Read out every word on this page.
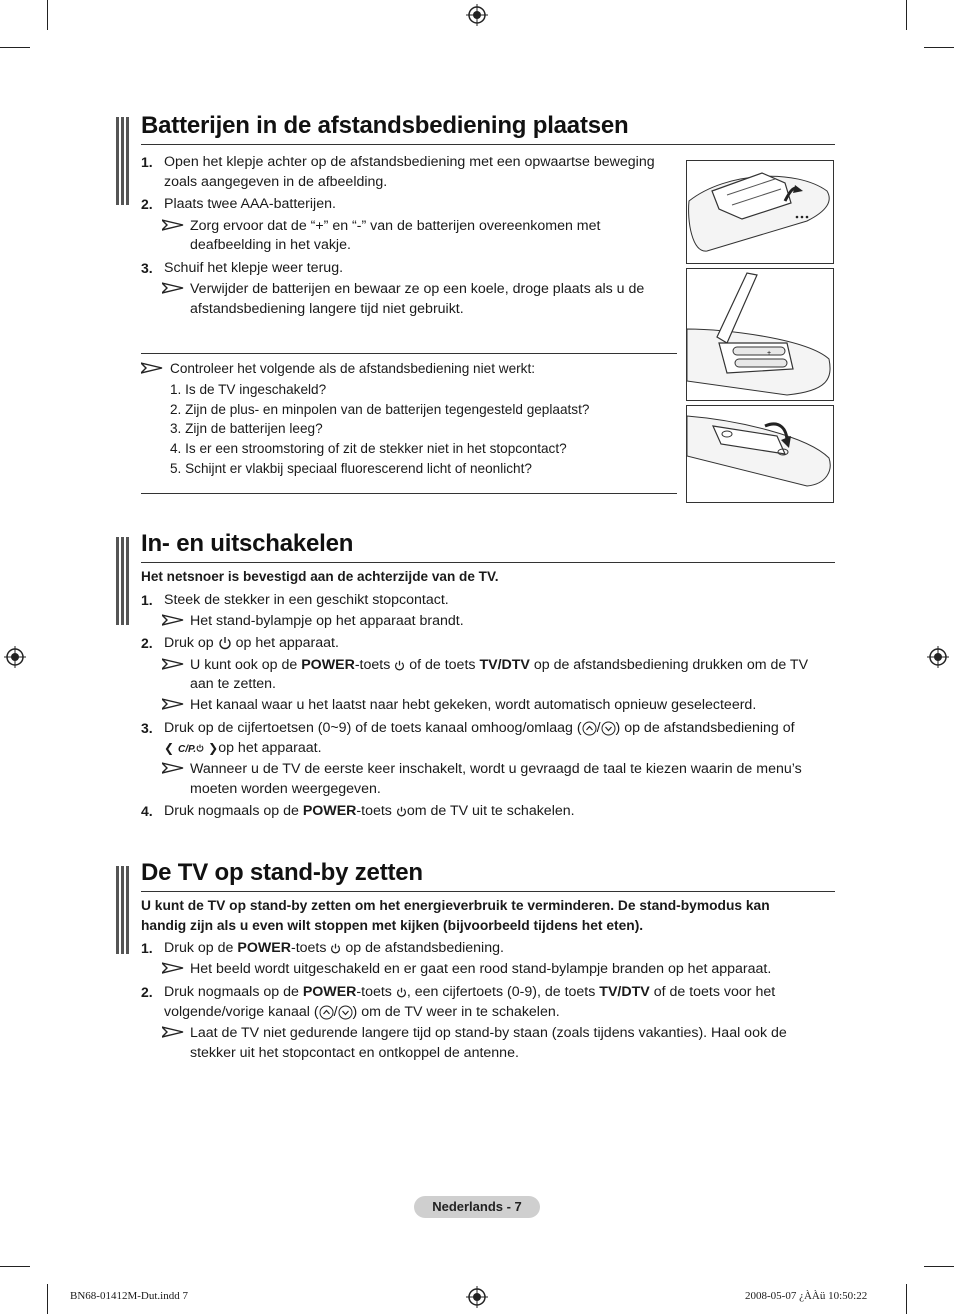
Batterijen in de afstandsbediening plaatsen
1. Open het klepje achter op de afstandsbediening met een opwaartse beweging
zoals aangegeven in de afbeelding.
2. Plaats twee AAA-batterijen.
Zorg ervoor dat de “+” en “-” van de batterijen overeenkomen met
deafbeelding in het vakje.
3. Schuif het klepje weer terug.
Verwijder de batterijen en bewaar ze op een koele, droge plaats als u de
afstandsbediening langere tijd niet gebruikt.
Controleer het volgende als de afstandsbediening niet werkt:
1. Is de TV ingeschakeld?
2. Zijn de plus- en minpolen van de batterijen tegengesteld geplaatst?
3. Zijn de batterijen leeg?
4. Is er een stroomstoring of zit de stekker niet in het stopcontact?
5. Schijnt er vlakbij speciaal fluorescerend licht of neonlicht?
+
In- en uitschakelen
Het netsnoer is bevestigd aan de achterzijde van de TV.
1. Steek de stekker in een geschikt stopcontact.
Het stand-bylampje op het apparaat brandt.
2. Druk op op het apparaat.
U kunt ook op de POWER-toets of de toets TV/DTV op de afstandsbediening drukken om de TV
aan te zetten.
Het kanaal waar u het laatst naar hebt gekeken, wordt automatisch opnieuw geselecteerd.
3. Druk op de cijfertoetsen (0~9) of de toets kanaal omhoog/omlaag ( / ) op de afstandsbediening of
❮ C/P. ❯op het apparaat.
Wanneer u de TV de eerste keer inschakelt, wordt u gevraagd de taal te kiezen waarin de menu’s
moeten worden weergegeven.
4. Druk nogmaals op de POWER-toets om de TV uit te schakelen.
De TV op stand-by zetten
U kunt de TV op stand-by zetten om het energieverbruik te verminderen. De stand-bymodus kan
handig zijn als u even wilt stoppen met kijken (bijvoorbeeld tijdens het eten).
1. Druk op de POWER-toets op de afstandsbediening.
Het beeld wordt uitgeschakeld en er gaat een rood stand-bylampje branden op het apparaat.
2. Druk nogmaals op de POWER-toets , een cijfertoets (0-9), de toets TV/DTV of de toets voor het
volgende/vorige kanaal ( / ) om de TV weer in te schakelen.
Laat de TV niet gedurende langere tijd op stand-by staan (zoals tijdens vakanties). Haal ook de
stekker uit het stopcontact en ontkoppel de antenne.
Nederlands - 7
BN68-01412M-Dut.indd 7	2008-05-07 ¿ÀÀü 10:50:22
